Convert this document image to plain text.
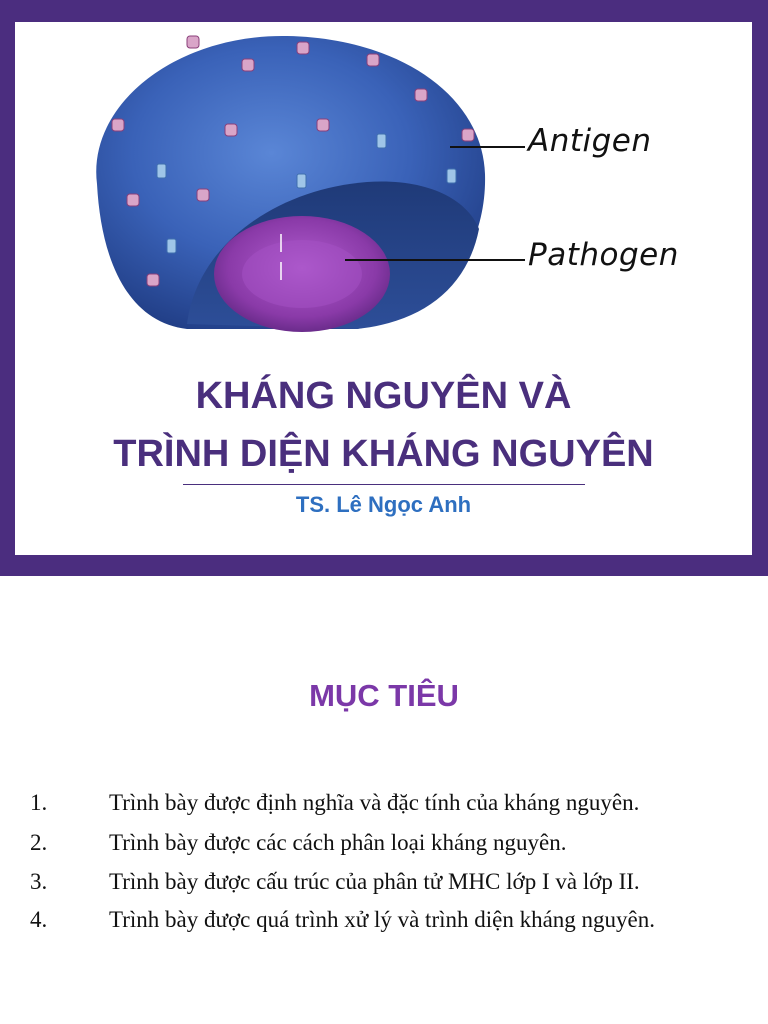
Antigen
Pathogen
KHÁNG NGUYÊN VÀ
TRÌNH DIỆN KHÁNG NGUYÊN
TS. Lê Ngọc Anh
MỤC TIÊU
1.	Trình bày được định nghĩa và đặc tính của kháng nguyên.
2.	Trình bày được các cách phân loại kháng nguyên.
3.	Trình bày được cấu trúc của phân tử MHC lớp I và lớp II.
4.	Trình bày được quá trình xử lý và trình diện kháng nguyên.
